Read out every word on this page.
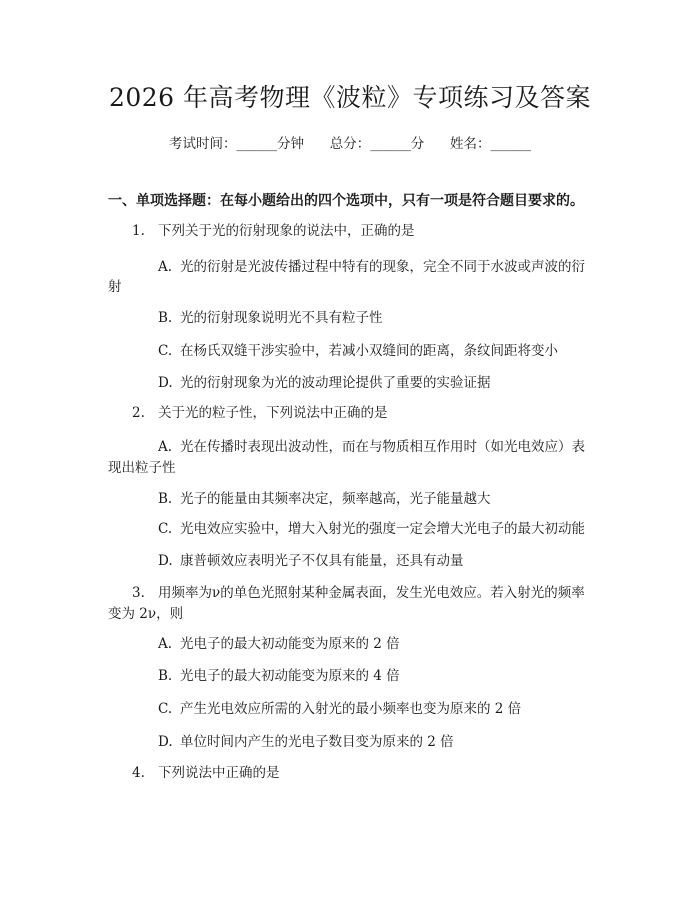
2026 年高考物理《波粒》专项练习及答案
考试时间：______分钟      总分：______分      姓名：______
一、单项选择题：在每小题给出的四个选项中，只有一项是符合题目要求的。
1. 下列关于光的衍射现象的说法中，正确的是
A. 光的衍射是光波传播过程中特有的现象，完全不同于水波或声波的衍
射
B. 光的衍射现象说明光不具有粒子性
C. 在杨氏双缝干涉实验中，若减小双缝间的距离，条纹间距将变小
D. 光的衍射现象为光的波动理论提供了重要的实验证据
2. 关于光的粒子性，下列说法中正确的是
A. 光在传播时表现出波动性，而在与物质相互作用时（如光电效应）表
现出粒子性
B. 光子的能量由其频率决定，频率越高，光子能量越大
C. 光电效应实验中，增大入射光的强度一定会增大光电子的最大初动能
D. 康普顿效应表明光子不仅具有能量，还具有动量
3. 用频率为ν的单色光照射某种金属表面，发生光电效应。若入射光的频率
变为 2ν，则
A. 光电子的最大初动能变为原来的 2 倍
B. 光电子的最大初动能变为原来的 4 倍
C. 产生光电效应所需的入射光的最小频率也变为原来的 2 倍
D. 单位时间内产生的光电子数目变为原来的 2 倍
4. 下列说法中正确的是
